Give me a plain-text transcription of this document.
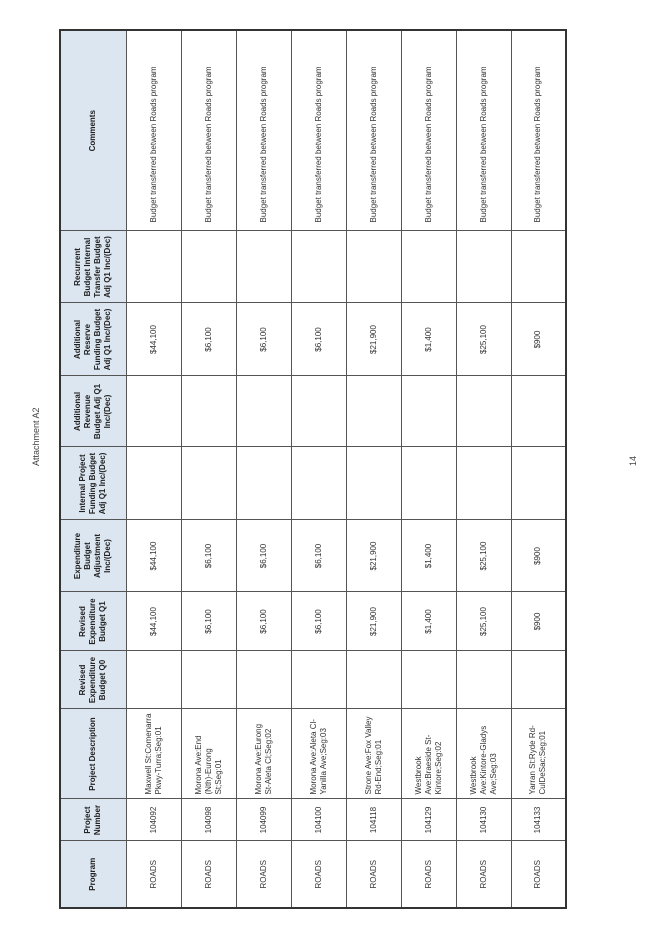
Attachment A2	14
Program	Project Number	Project Description	Revised Expenditure Budget Q0	Revised Expenditure Budget Q1	Expenditure Budget Adjustment Inc/(Dec)	Internal Project Funding Budget Adj Q1 Inc/(Dec)	Additional Revenue Budget Adj Q1 Inc/(Dec)	Additional Reserve Funding Budget Adj Q1 Inc/(Dec)	Recurrent Budget Internal Transfer Budget Adj Q1 Inc/(Dec)	Comments
ROADS	104092	Maxwell St:Comenarra Pkwy-Turra;Seg:01		$44,100	$44,100			$44,100		Budget transferred between Roads program
ROADS	104098	Morona Ave:End (Nth)-Eurong St;Seg:01		$6,100	$6,100			$6,100		Budget transferred between Roads program
ROADS	104099	Morona Ave:Eurong St-Aleta Cl;Seg:02		$6,100	$6,100			$6,100		Budget transferred between Roads program
ROADS	104100	Morona Ave:Aleta Cl-Yanilla Ave;Seg:03		$6,100	$6,100			$6,100		Budget transferred between Roads program
ROADS	104118	Strone Ave:Fox Valley Rd-End;Seg:01		$21,900	$21,900			$21,900		Budget transferred between Roads program
ROADS	104129	Westbrook Ave:Braeside St-Kintore;Seg:02		$1,400	$1,400			$1,400		Budget transferred between Roads program
ROADS	104130	Westbrook Ave:Kintore-Gladys Ave;Seg:03		$25,100	$25,100			$25,100		Budget transferred between Roads program
ROADS	104133	Yarran St:Ryde Rd-CulDeSac;Seg:01		$900	$900			$900		Budget transferred between Roads program
